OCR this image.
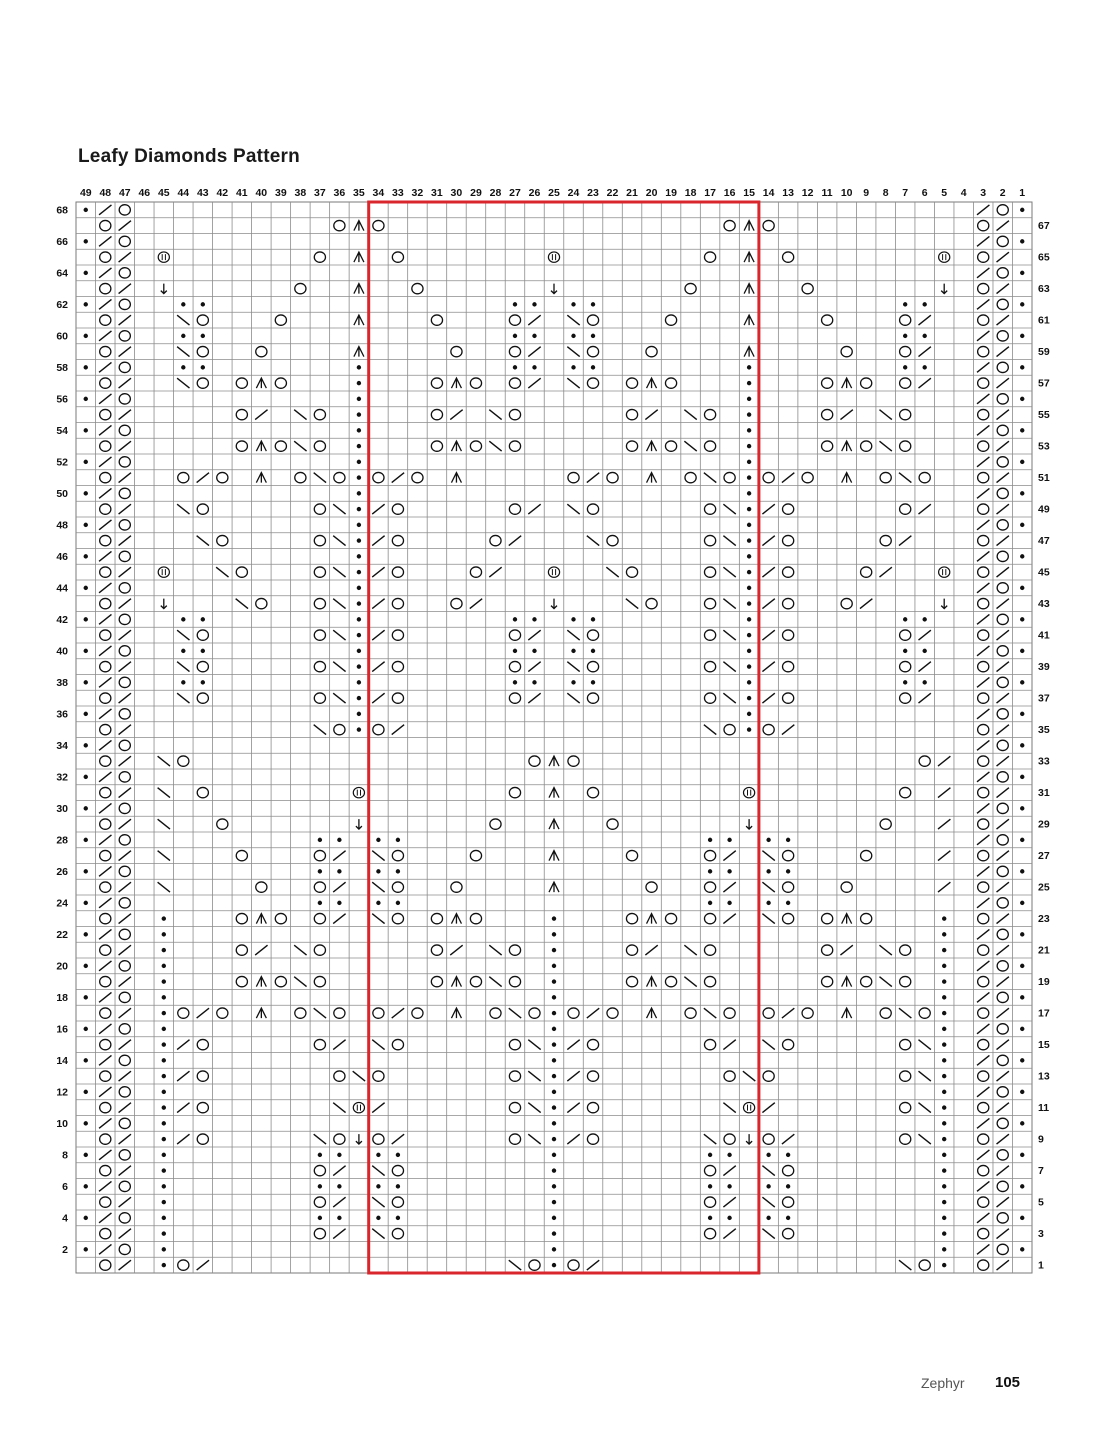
Leafy Diamonds Pattern
49 48 47 46 45 44 43 42 41 40 39 38 37 36 35 34 33 32 31 30 29 28 27 26 25 24 23 22 21 20 19 18 17 16 15 14 13 12 11 10 9 8 7 6 5 4 3 2 1
68
66
64
62
60
58
56
54
52
50
48
46
44
42
40
38
36
34
32
30
28
26
24
22
20
18
16
14
12
10
8
6
4
2
67
65
63
61
59
57
55
53
51
49
47
45
43
41
39
37
35
33
31
29
27
25
23
21
19
17
15
13
11
9
7
5
3
1
Zephyr 105
